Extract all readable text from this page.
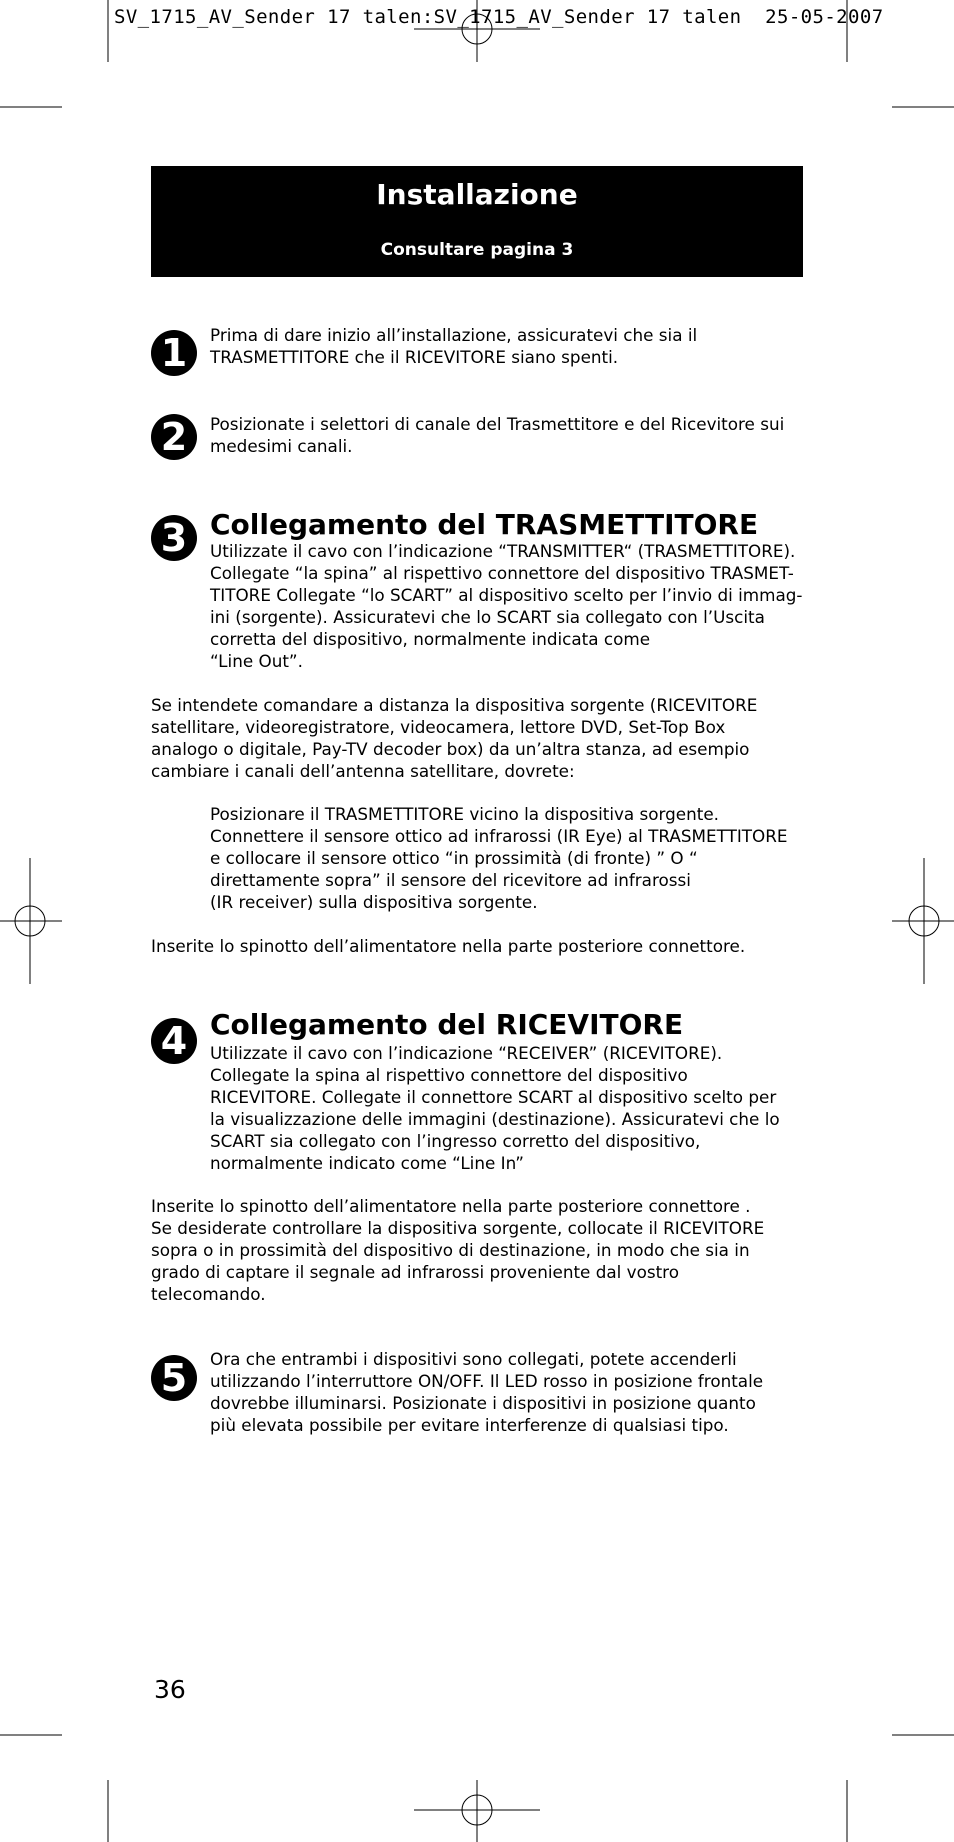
SV_1715_AV_Sender 17 talen:SV_1715_AV_Sender 17 talen  25-05-2007
Installazione
Consultare pagina 3
1	Prima di dare inizio all’installazione, assicuratevi che sia il
TRASMETTITORE che il RICEVITORE siano spenti.

2	Posizionate i selettori di canale del Trasmettitore e del Ricevitore sui
medesimi canali.

3 Collegamento del TRASMETTITORE

Utilizzate il cavo con l’indicazione “TRANSMITTER“ (TRASMETTITORE).
Collegate “la spina” al rispettivo connettore del dispositivo TRASMET-
TITORE Collegate “lo SCART” al dispositivo scelto per l’invio di immag-
ini (sorgente). Assicuratevi che lo SCART sia collegato con l’Uscita
corretta del dispositivo, normalmente indicata come
“Line Out”.

Se intendete comandare a distanza la dispositiva sorgente (RICEVITORE
satellitare, videoregistratore, videocamera, lettore DVD, Set-Top Box
analogo o digitale, Pay-TV decoder box) da un’altra stanza, ad esempio
cambiare i canali dell’antenna satellitare, dovrete:

Posizionare il TRASMETTITORE vicino la dispositiva sorgente.
Connettere il sensore ottico ad infrarossi (IR Eye) al TRASMETTITORE
e collocare il sensore ottico “in prossimità (di fronte) ” O “
direttamente sopra” il sensore del ricevitore ad infrarossi
(IR receiver) sulla dispositiva sorgente.

Inserite lo spinotto dell’alimentatore nella parte posteriore connettore.

4 Collegamento del RICEVITORE

Utilizzate il cavo con l’indicazione “RECEIVER” (RICEVITORE).
Collegate la spina al rispettivo connettore del dispositivo
RICEVITORE. Collegate il connettore SCART al dispositivo scelto per
la visualizzazione delle immagini (destinazione). Assicuratevi che lo
SCART sia collegato con l’ingresso corretto del dispositivo,
normalmente indicato come “Line In”

Inserite lo spinotto dell’alimentatore nella parte posteriore connettore .
Se desiderate controllare la dispositiva sorgente, collocate il RICEVITORE
sopra o in prossimità del dispositivo di destinazione, in modo che sia in
grado di captare il segnale ad infrarossi proveniente dal vostro
telecomando.

5	Ora che entrambi i dispositivi sono collegati, potete accenderli
utilizzando l’interruttore ON/OFF. Il LED rosso in posizione frontale
dovrebbe illuminarsi. Posizionate i dispositivi in posizione quanto
più elevata possibile per evitare interferenze di qualsiasi tipo.

36
